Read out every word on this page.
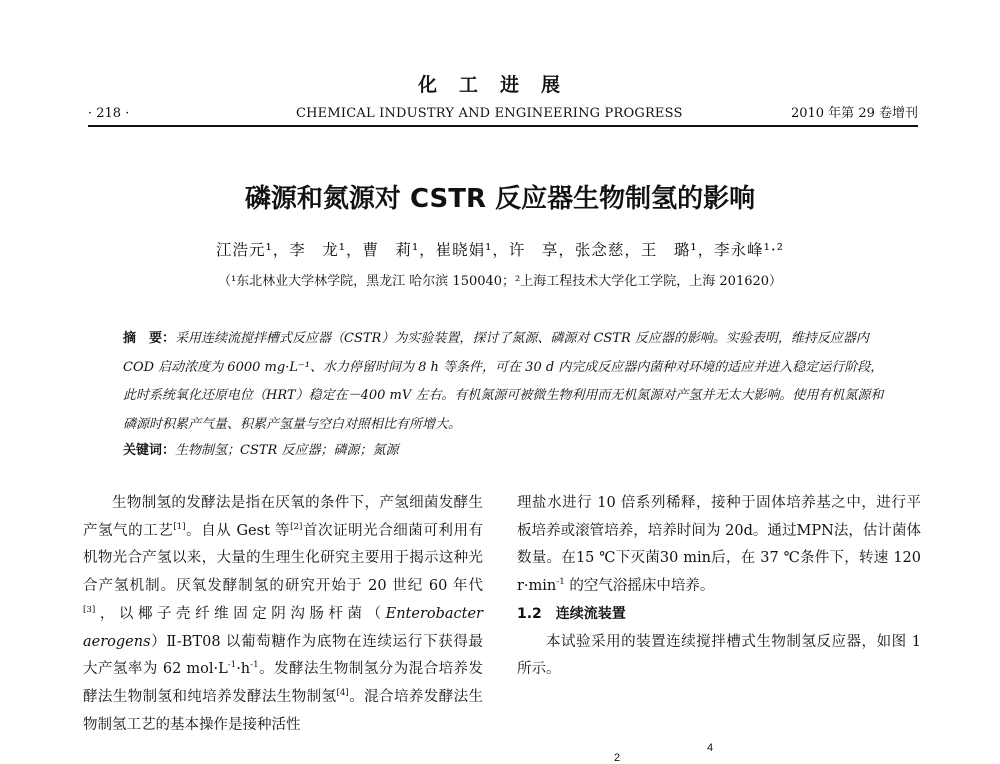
化工进展
· 218 ·	CHEMICAL INDUSTRY AND ENGINEERING PROGRESS	2010 年第 29 卷增刊
磷源和氮源对 CSTR 反应器生物制氢的影响
江浩元¹，李　龙¹，曹　莉¹，崔晓娟¹，许　享，张念慈，王　璐¹，李永峰¹·²
（¹东北林业大学林学院，黑龙江 哈尔滨 150040；²上海工程技术大学化工学院，上海 201620）
摘　要：采用连续流搅拌槽式反应器（CSTR）为实验装置，探讨了氮源、磷源对 CSTR 反应器的影响。实验表明，维持反应器内 COD 启动浓度为 6000 mg·L⁻¹、水力停留时间为 8 h 等条件，可在 30 d 内完成反应器内菌种对环境的适应并进入稳定运行阶段，此时系统氧化还原电位（HRT）稳定在－400 mV 左右。有机氮源可被微生物利用而无机氮源对产氢并无太大影响。使用有机氮源和磷源时积累产气量、积累产氢量与空白对照相比有所增大。
关键词：生物制氢；CSTR 反应器；磷源；氮源

生物制氢的发酵法是指在厌氧的条件下，产氢细菌发酵生产氢气的工艺[1]。自从 Gest 等[2]首次证明光合细菌可利用有机物光合产氢以来，大量的生理生化研究主要用于揭示这种光合产氢机制。厌氧发酵制氢的研究开始于 20 世纪 60 年代[3]，以椰子壳纤维固定阴沟肠杆菌（Enterobacter aerogens）Ⅱ-BT08 以葡萄糖作为底物在连续运行下获得最大产氢率为 62 $mol\cdot L^{-1}\cdot h^{-1}$。发酵法生物制氢分为混合培养发酵法生物制氢和纯培养发酵法生物制氢[4]。混合培养发酵法生物制氢工艺的基本操作是接种活性

理盐水进行 10 倍系列稀释，接种于固体培养基之中，进行平板培养或滚管培养，培养时间为 20d。通过MPN法，估计菌体数量。在15 ℃下灭菌30 min后，在 37 ℃条件下，转速 120 $r\cdot\min^{-1}$ 的空气浴摇床中培养。

1.2　连续流装置

本试验采用的装置连续搅拌槽式生物制氢反应器，如图 1 所示。

4
2
